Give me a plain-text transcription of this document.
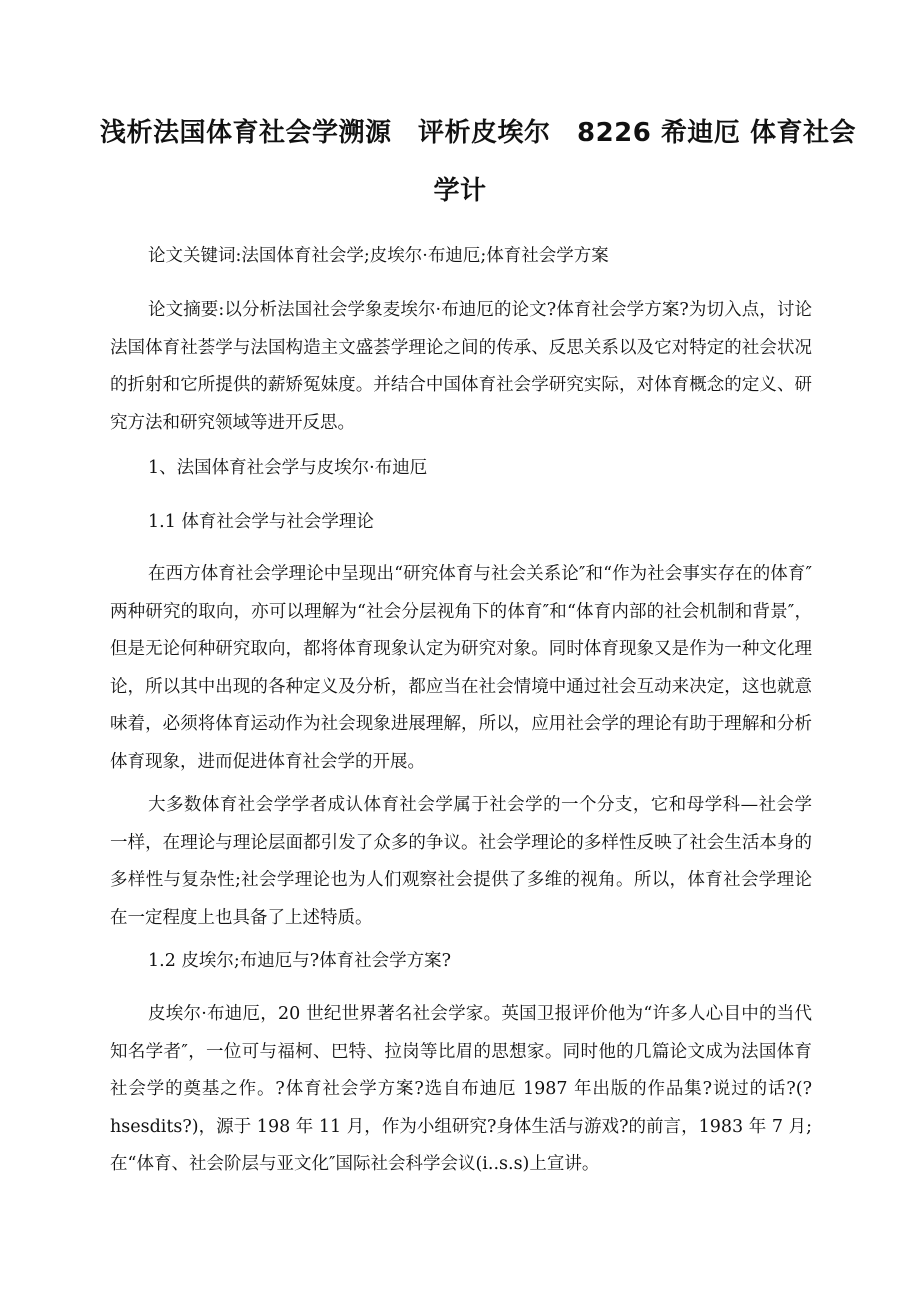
浅析法国体育社会学溯源　评析皮埃尔　8226 希迪厄 体育社会
学计

论文关键词:法国体育社会学;皮埃尔·布迪厄;体育社会学方案

论文摘要:以分析法国社会学象麦埃尔·布迪厄的论文?体育社会学方案?为切入点，讨论法国体育社荟学与法国构造主文盛荟学理论之间的传承、反思关系以及它对特定的社会状况的折射和它所提供的薪矫冤妹度。并结合中国体育社会学研究实际，对体育概念的定义、研究方法和研究领域等进开反思。

1、法国体育社会学与皮埃尔·布迪厄

1.1 体育社会学与社会学理论

在西方体育社会学理论中呈现出“研究体育与社会关系论″和“作为社会事实存在的体育″两种研究的取向，亦可以理解为“社会分层视角下的体育″和“体育内部的社会机制和背景″，但是无论何种研究取向，都将体育现象认定为研究对象。同时体育现象又是作为一种文化理论，所以其中出现的各种定义及分析，都应当在社会情境中通过社会互动来决定，这也就意味着，必须将体育运动作为社会现象进展理解，所以，应用社会学的理论有助于理解和分析体育现象，进而促进体育社会学的开展。

大多数体育社会学学者成认体育社会学属于社会学的一个分支，它和母学科—社会学一样，在理论与理论层面都引发了众多的争议。社会学理论的多样性反映了社会生活本身的多样性与复杂性;社会学理论也为人们观察社会提供了多维的视角。所以，体育社会学理论在一定程度上也具备了上述特质。

1.2 皮埃尔;布迪厄与?体育社会学方案?

皮埃尔·布迪厄，20 世纪世界著名社会学家。英国卫报评价他为“许多人心目中的当代知名学者″，一位可与福柯、巴特、拉岗等比眉的思想家。同时他的几篇论文成为法国体育社会学的奠基之作。?体育社会学方案?选自布迪厄 1987 年出版的作品集?说过的话?(?hsesdits?)，源于 198 年 11 月，作为小组研究?身体生活与游戏?的前言，1983 年 7 月;在“体育、社会阶层与亚文化″国际社会科学会议(i..s.s)上宣讲。
